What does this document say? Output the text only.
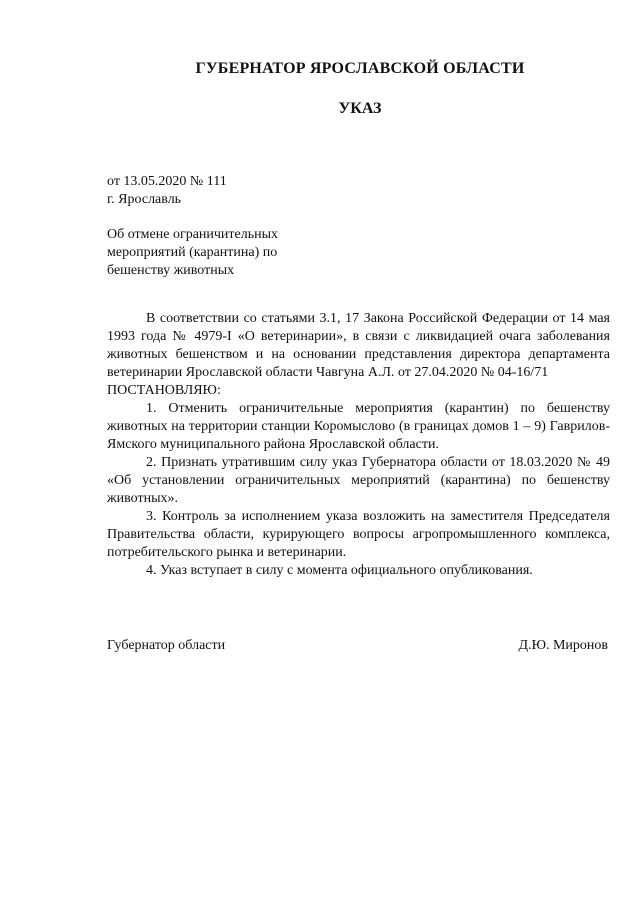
ГУБЕРНАТОР ЯРОСЛАВСКОЙ ОБЛАСТИ
УКАЗ
от 13.05.2020 № 111
г. Ярославль
Об отмене ограничительных
мероприятий (карантина) по
бешенству животных

В соответствии со статьями 3.1, 17 Закона Российской Федерации от 14 мая 1993 года № 4979-I «О ветеринарии», в связи с ликвидацией очага заболевания животных бешенством и на основании представления директора департамента ветеринарии Ярославской области Чавгуна А.Л. от 27.04.2020 № 04-16/71

ПОСТАНОВЛЯЮ:

1. Отменить ограничительные мероприятия (карантин) по бешенству животных на территории станции Коромыслово (в границах домов 1 – 9) Гаврилов-Ямского муниципального района Ярославской области.

2. Признать утратившим силу указ Губернатора области от 18.03.2020 № 49 «Об установлении ограничительных мероприятий (карантина) по бешенству животных».

3. Контроль за исполнением указа возложить на заместителя Председателя Правительства области, курирующего вопросы агропромышленного комплекса, потребительского рынка и ветеринарии.

4. Указ вступает в силу с момента официального опубликования.

Губернатор области	Д.Ю. Миронов
